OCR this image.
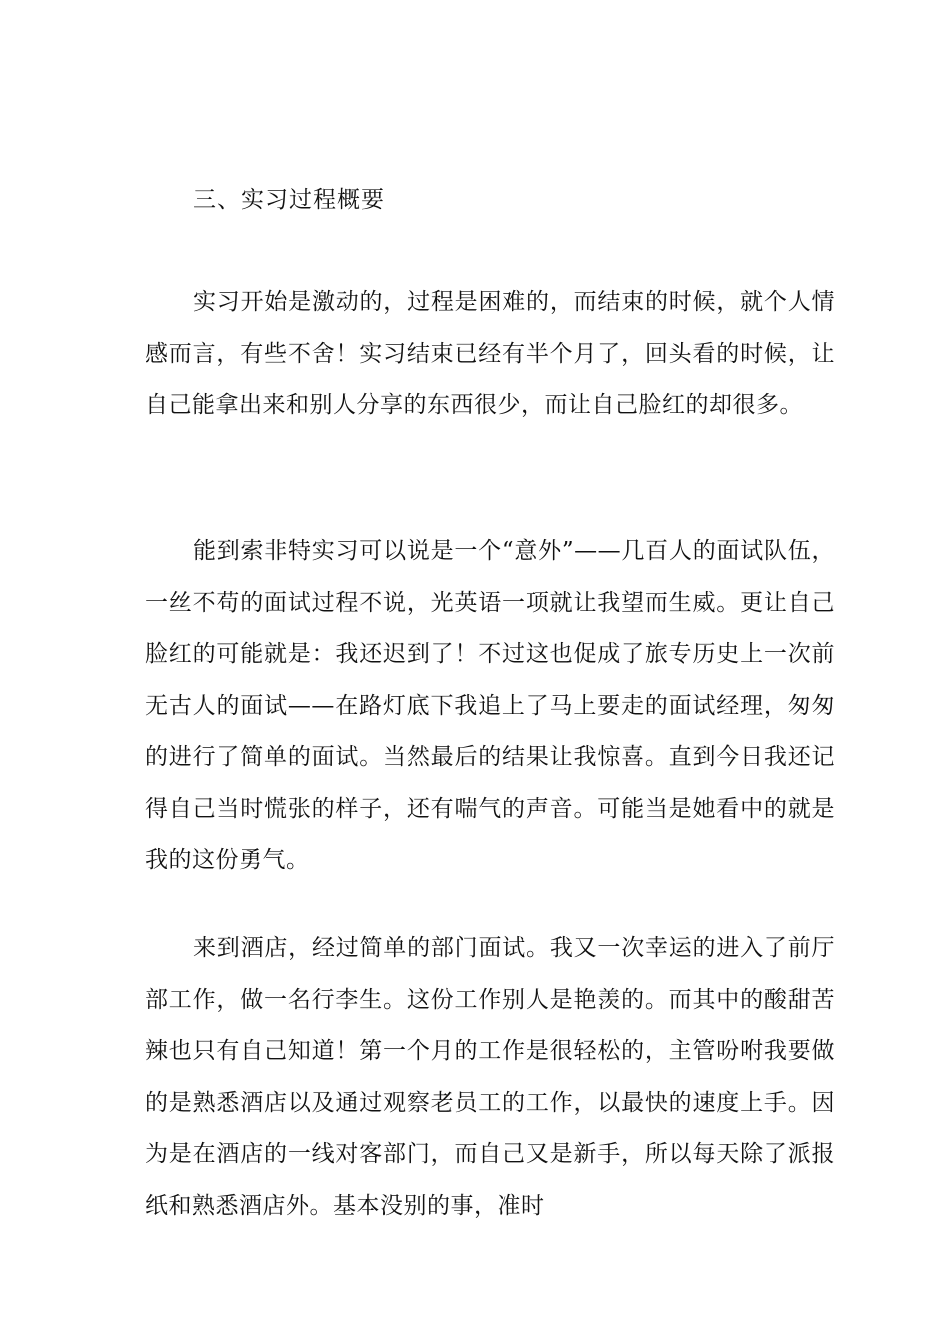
三、实习过程概要

实习开始是激动的，过程是困难的，而结束的时候，就个人情感而言，有些不舍！实习结束已经有半个月了，回头看的时候，让自己能拿出来和别人分享的东西很少，而让自己脸红的却很多。

能到索非特实习可以说是一个“意外”——几百人的面试队伍，一丝不苟的面试过程不说，光英语一项就让我望而生威。更让自己脸红的可能就是：我还迟到了！不过这也促成了旅专历史上一次前无古人的面试——在路灯底下我追上了马上要走的面试经理，匆匆的进行了简单的面试。当然最后的结果让我惊喜。直到今日我还记得自己当时慌张的样子，还有喘气的声音。可能当是她看中的就是我的这份勇气。

来到酒店，经过简单的部门面试。我又一次幸运的进入了前厅部工作，做一名行李生。这份工作别人是艳羡的。而其中的酸甜苦辣也只有自己知道！第一个月的工作是很轻松的，主管吩咐我要做的是熟悉酒店以及通过观察老员工的工作，以最快的速度上手。因为是在酒店的一线对客部门，而自己又是新手，所以每天除了派报纸和熟悉酒店外。基本没别的事，准时
